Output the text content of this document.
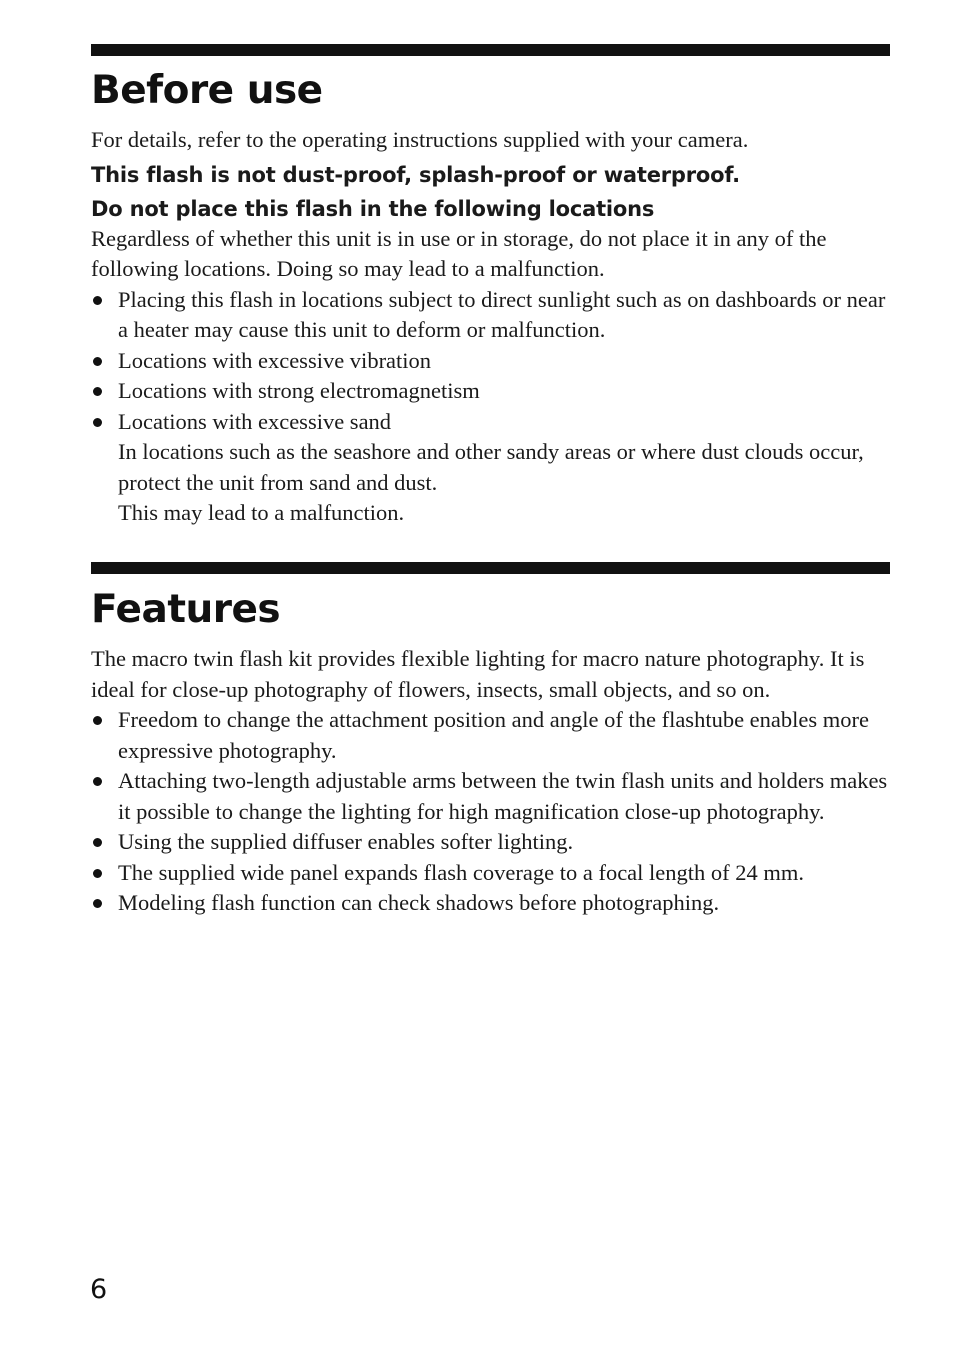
Before use

For details, refer to the operating instructions supplied with your camera.

This flash is not dust-proof, splash-proof or waterproof.

Do not place this flash in the following locations

Regardless of whether this unit is in use or in storage, do not place it in any of the following locations. Doing so may lead to a malfunction.

Placing this flash in locations subject to direct sunlight such as on dashboards or near a heater may cause this unit to deform or malfunction.
Locations with excessive vibration
Locations with strong electromagnetism
Locations with excessive sand
In locations such as the seashore and other sandy areas or where dust clouds occur, protect the unit from sand and dust.
This may lead to a malfunction.
Features

The macro twin flash kit provides flexible lighting for macro nature photography. It is ideal for close-up photography of flowers, insects, small objects, and so on.

Freedom to change the attachment position and angle of the flashtube enables more expressive photography.
Attaching two-length adjustable arms between the twin flash units and holders makes it possible to change the lighting for high magnification close-up photography.
Using the supplied diffuser enables softer lighting.
The supplied wide panel expands flash coverage to a focal length of 24 mm.
Modeling flash function can check shadows before photographing.
6
